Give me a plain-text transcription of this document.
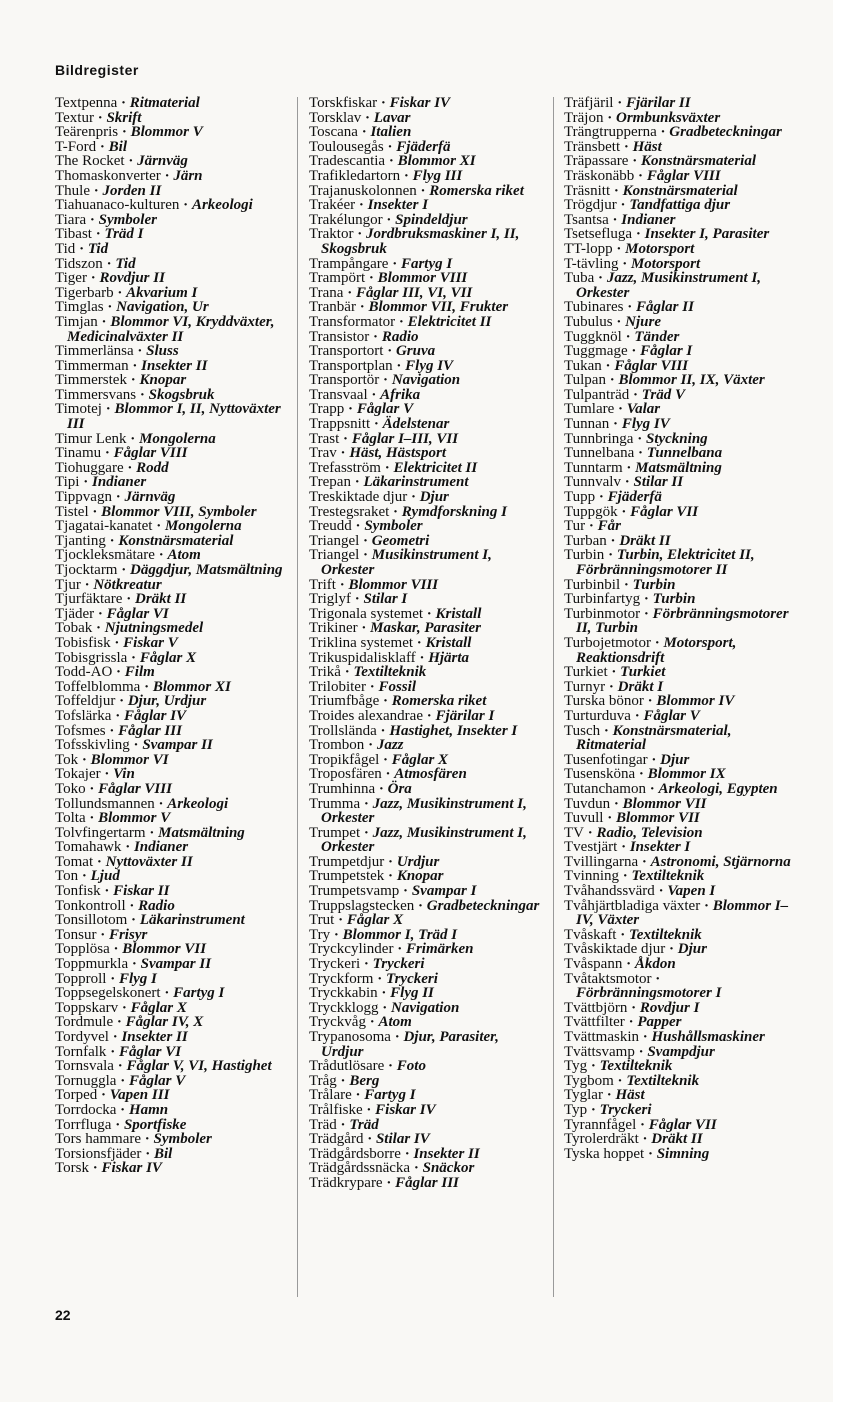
Bildregister
Textpenna · Ritmaterial
Textur · Skrift
Teärenpris · Blommor V
T-Ford · Bil
The Rocket · Järnväg
Thomaskonverter · Järn
Thule · Jorden II
Tiahuanaco-kulturen · Arkeologi
Tiara · Symboler
Tibast · Träd I
Tid · Tid
Tidszon · Tid
Tiger · Rovdjur II
Tigerbarb · Akvarium I
Timglas · Navigation, Ur
Timjan · Blommor VI, Kryddväxter, Medicinalväxter II
Timmerlänsa · Sluss
Timmerman · Insekter II
Timmerstek · Knopar
Timmersvans · Skogsbruk
Timotej · Blommor I, II, Nyttoväxter III
Timur Lenk · Mongolerna
Tinamu · Fåglar VIII
Tiohuggare · Rodd
Tipi · Indianer
Tippvagn · Järnväg
Tistel · Blommor VIII, Symboler
Tjagatai-kanatet · Mongolerna
Tjanting · Konstnärsmaterial
Tjockleksmätare · Atom
Tjocktarm · Däggdjur, Matsmältning
Tjur · Nötkreatur
Tjurfäktare · Dräkt II
Tjäder · Fåglar VI
Tobak · Njutningsmedel
Tobisfisk · Fiskar V
Tobisgrissla · Fåglar X
Todd-AO · Film
Toffelblomma · Blommor XI
Toffeldjur · Djur, Urdjur
Tofslärka · Fåglar IV
Tofsmes · Fåglar III
Tofsskivling · Svampar II
Tok · Blommor VI
Tokajer · Vin
Toko · Fåglar VIII
Tollundsmannen · Arkeologi
Tolta · Blommor V
Tolvfingertarm · Matsmältning
Tomahawk · Indianer
Tomat · Nyttoväxter II
Ton · Ljud
Tonfisk · Fiskar II
Tonkontroll · Radio
Tonsillotom · Läkarinstrument
Tonsur · Frisyr
Topplösa · Blommor VII
Toppmurkla · Svampar II
Topproll · Flyg I
Toppsegelskonert · Fartyg I
Toppskarv · Fåglar X
Tordmule · Fåglar IV, X
Tordyvel · Insekter II
Tornfalk · Fåglar VI
Tornsvala · Fåglar V, VI, Hastighet
Tornuggla · Fåglar V
Torped · Vapen III
Torrdocka · Hamn
Torrfluga · Sportfiske
Tors hammare · Symboler
Torsionsfjäder · Bil
Torsk · Fiskar IV
Torskfiskar · Fiskar IV
Torsklav · Lavar
Toscana · Italien
Toulousegås · Fjäderfä
Tradescantia · Blommor XI
Trafikledartorn · Flyg III
Trajanuskolonnen · Romerska riket
Trakéer · Insekter I
Trakélungor · Spindeldjur
Traktor · Jordbruksmaskiner I, II, Skogsbruk
Trampångare · Fartyg I
Trampört · Blommor VIII
Trana · Fåglar III, VI, VII
Tranbär · Blommor VII, Frukter
Transformator · Elektricitet II
Transistor · Radio
Transportort · Gruva
Transportplan · Flyg IV
Transportör · Navigation
Transvaal · Afrika
Trapp · Fåglar V
Trappsnitt · Ädelstenar
Trast · Fåglar I–III, VII
Trav · Häst, Hästsport
Trefasström · Elektricitet II
Trepan · Läkarinstrument
Treskiktade djur · Djur
Trestegsraket · Rymdforskning I
Treudd · Symboler
Triangel · Geometri
Triangel · Musikinstrument I, Orkester
Trift · Blommor VIII
Triglyf · Stilar I
Trigonala systemet · Kristall
Trikiner · Maskar, Parasiter
Triklina systemet · Kristall
Trikuspidalisklaff · Hjärta
Trikå · Textilteknik
Trilobiter · Fossil
Triumfbåge · Romerska riket
Troides alexandrae · Fjärilar I
Trollslända · Hastighet, Insekter I
Trombon · Jazz
Tropikfågel · Fåglar X
Troposfären · Atmosfären
Trumhinna · Öra
Trumma · Jazz, Musikinstrument I, Orkester
Trumpet · Jazz, Musikinstrument I, Orkester
Trumpetdjur · Urdjur
Trumpetstek · Knopar
Trumpetsvamp · Svampar I
Truppslagstecken · Gradbeteckningar
Trut · Fåglar X
Try · Blommor I, Träd I
Tryckcylinder · Frimärken
Tryckeri · Tryckeri
Tryckform · Tryckeri
Tryckkabin · Flyg II
Tryckklogg · Navigation
Tryckvåg · Atom
Trypanosoma · Djur, Parasiter, Urdjur
Trådutlösare · Foto
Tråg · Berg
Trålare · Fartyg I
Trålfiske · Fiskar IV
Träd · Träd
Trädgård · Stilar IV
Trädgårdsborre · Insekter II
Trädgårdssnäcka · Snäckor
Trädkrypare · Fåglar III
Träfjäril · Fjärilar II
Träjon · Ormbunksväxter
Trängtrupperna · Gradbeteckningar
Tränsbett · Häst
Träpassare · Konstnärsmaterial
Träskonäbb · Fåglar VIII
Träsnitt · Konstnärsmaterial
Trögdjur · Tandfattiga djur
Tsantsa · Indianer
Tsetsefluga · Insekter I, Parasiter
TT-lopp · Motorsport
T-tävling · Motorsport
Tuba · Jazz, Musikinstrument I, Orkester
Tubinares · Fåglar II
Tubulus · Njure
Tuggknöl · Tänder
Tuggmage · Fåglar I
Tukan · Fåglar VIII
Tulpan · Blommor II, IX, Växter
Tulpanträd · Träd V
Tumlare · Valar
Tunnan · Flyg IV
Tunnbringa · Styckning
Tunnelbana · Tunnelbana
Tunntarm · Matsmältning
Tunnvalv · Stilar II
Tupp · Fjäderfä
Tuppgök · Fåglar VII
Tur · Får
Turban · Dräkt II
Turbin · Turbin, Elektricitet II, Förbränningsmotorer II
Turbinbil · Turbin
Turbinfartyg · Turbin
Turbinmotor · Förbränningsmotorer II, Turbin
Turbojetmotor · Motorsport, Reaktionsdrift
Turkiet · Turkiet
Turnyr · Dräkt I
Turska bönor · Blommor IV
Turturduva · Fåglar V
Tusch · Konstnärsmaterial, Ritmaterial
Tusenfotingar · Djur
Tusensköna · Blommor IX
Tutanchamon · Arkeologi, Egypten
Tuvdun · Blommor VII
Tuvull · Blommor VII
TV · Radio, Television
Tvestjärt · Insekter I
Tvillingarna · Astronomi, Stjärnorna
Tvinning · Textilteknik
Tvåhandssvärd · Vapen I
Tvåhjärtbladiga växter · Blommor I–IV, Växter
Tvåskaft · Textilteknik
Tvåskiktade djur · Djur
Tvåspann · Åkdon
Tvåtaktsmotor · Förbränningsmotorer I
Tvättbjörn · Rovdjur I
Tvättfilter · Papper
Tvättmaskin · Hushållsmaskiner
Tvättsvamp · Svampdjur
Tyg · Textilteknik
Tygbom · Textilteknik
Tyglar · Häst
Typ · Tryckeri
Tyrannfågel · Fåglar VII
Tyrolerdräkt · Dräkt II
Tyska hoppet · Simning
22
